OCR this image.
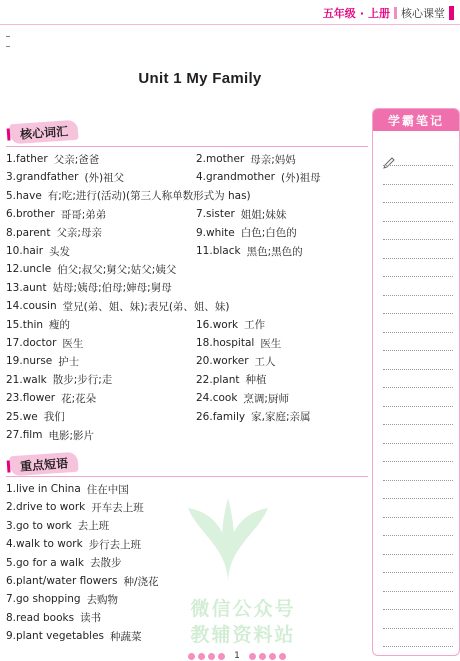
五年级 · 上册 核心课堂
Unit 1 My Family
核心词汇
1.father 父亲;爸爸	2.mother 母亲;妈妈
3.grandfather (外)祖父	4.grandmother (外)祖母
5.have 有;吃;进行(活动)(第三人称单数形式为 has)
6.brother 哥哥;弟弟	7.sister 姐姐;妹妹
8.parent 父亲;母亲	9.white 白色;白色的
10.hair 头发	11.black 黑色;黑色的
12.uncle 伯父;叔父;舅父;姑父;姨父
13.aunt 姑母;姨母;伯母;婶母;舅母
14.cousin 堂兄(弟、姐、妹);表兄(弟、姐、妹)
15.thin 瘦的	16.work 工作
17.doctor 医生	18.hospital 医生
19.nurse 护士	20.worker 工人
21.walk 散步;步行;走	22.plant 种植
23.flower 花;花朵	24.cook 烹调;厨师
25.we 我们	26.family 家,家庭;亲属
27.film 电影;影片
重点短语
1.live in China 住在中国
2.drive to work 开车去上班
3.go to work 去上班
4.walk to work 步行去上班
5.go for a walk 去散步
6.plant/water flowers 种/浇花
7.go shopping 去购物
8.read books 读书
9.plant vegetables 种蔬菜
微信公众号
教辅资料站
学霸笔记
1
